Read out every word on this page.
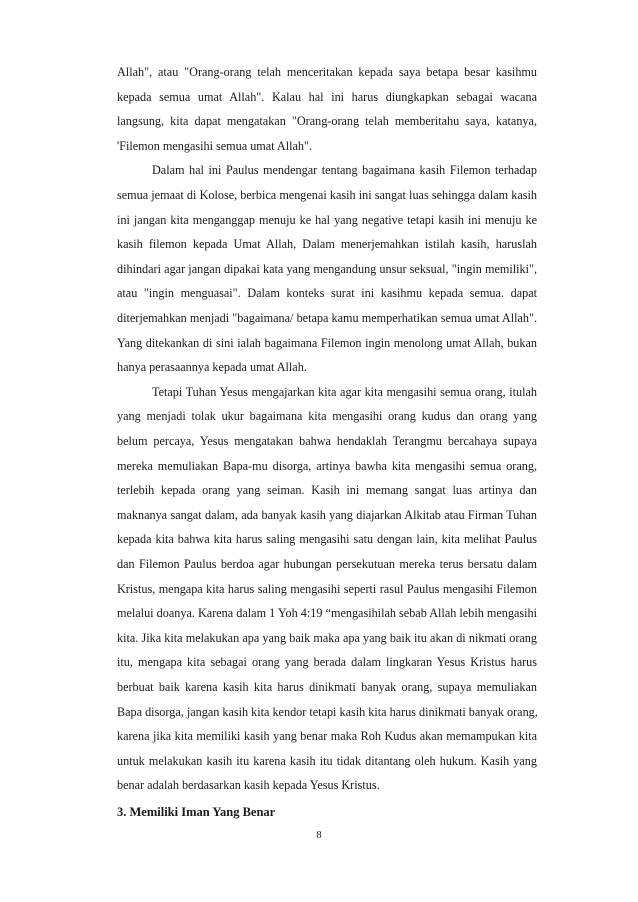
Allah", atau "Orang-orang telah menceritakan kepada saya betapa besar kasihmu
kepada semua umat Allah". Kalau hal ini harus diungkapkan sebagai wacana
langsung, kita dapat mengatakan "Orang-orang telah memberitahu saya, katanya,
'Filemon mengasihi semua umat Allah".
Dalam hal ini Paulus mendengar tentang bagaimana kasih Filemon terhadap
semua jemaat di Kolose, berbica mengenai kasih ini sangat luas sehingga dalam kasih
ini jangan kita menganggap menuju ke hal yang negative tetapi kasih ini menuju ke
kasih filemon kepada Umat Allah, Dalam menerjemahkan istilah kasih, haruslah
dihindari agar jangan dipakai kata yang mengandung unsur seksual, "ingin memiliki",
atau "ingin menguasai". Dalam konteks surat ini kasihmu kepada semua. dapat
diterjemahkan menjadi "bagaimana/ betapa kamu memperhatikan semua umat Allah".
Yang ditekankan di sini ialah bagaimana Filemon ingin menolong umat Allah, bukan
hanya perasaannya kepada umat Allah.
Tetapi Tuhan Yesus mengajarkan kita agar kita mengasihi semua orang, itulah
yang menjadi tolak ukur bagaimana kita mengasihi orang kudus dan orang yang
belum percaya, Yesus mengatakan bahwa hendaklah Terangmu bercahaya supaya
mereka memuliakan Bapa-mu disorga, artinya bawha kita mengasihi semua orang,
terlebih kepada orang yang seiman. Kasih ini memang sangat luas artinya dan
maknanya sangat dalam, ada banyak kasih yang diajarkan Alkitab atau Firman Tuhan
kepada kita bahwa kita harus saling mengasihi satu dengan lain, kita melihat Paulus
dan Filemon Paulus berdoa agar hubungan persekutuan mereka terus bersatu dalam
Kristus, mengapa kita harus saling mengasihi seperti rasul Paulus mengasihi Filemon
melalui doanya. Karena dalam 1 Yoh 4:19 “mengasihilah sebab Allah lebih mengasihi
kita. Jika kita melakukan apa yang baik maka apa yang baik itu akan di nikmati orang
itu, mengapa kita sebagai orang yang berada dalam lingkaran Yesus Kristus harus
berbuat baik karena kasih kita harus dinikmati banyak orang, supaya memuliakan
Bapa disorga, jangan kasih kita kendor tetapi kasih kita harus dinikmati banyak orang,
karena jika kita memiliki kasih yang benar maka Roh Kudus akan memampukan kita
untuk melakukan kasih itu karena kasih itu tidak ditantang oleh hukum. Kasih yang
benar adalah berdasarkan kasih kepada Yesus Kristus.
3. Memiliki Iman Yang Benar
8
